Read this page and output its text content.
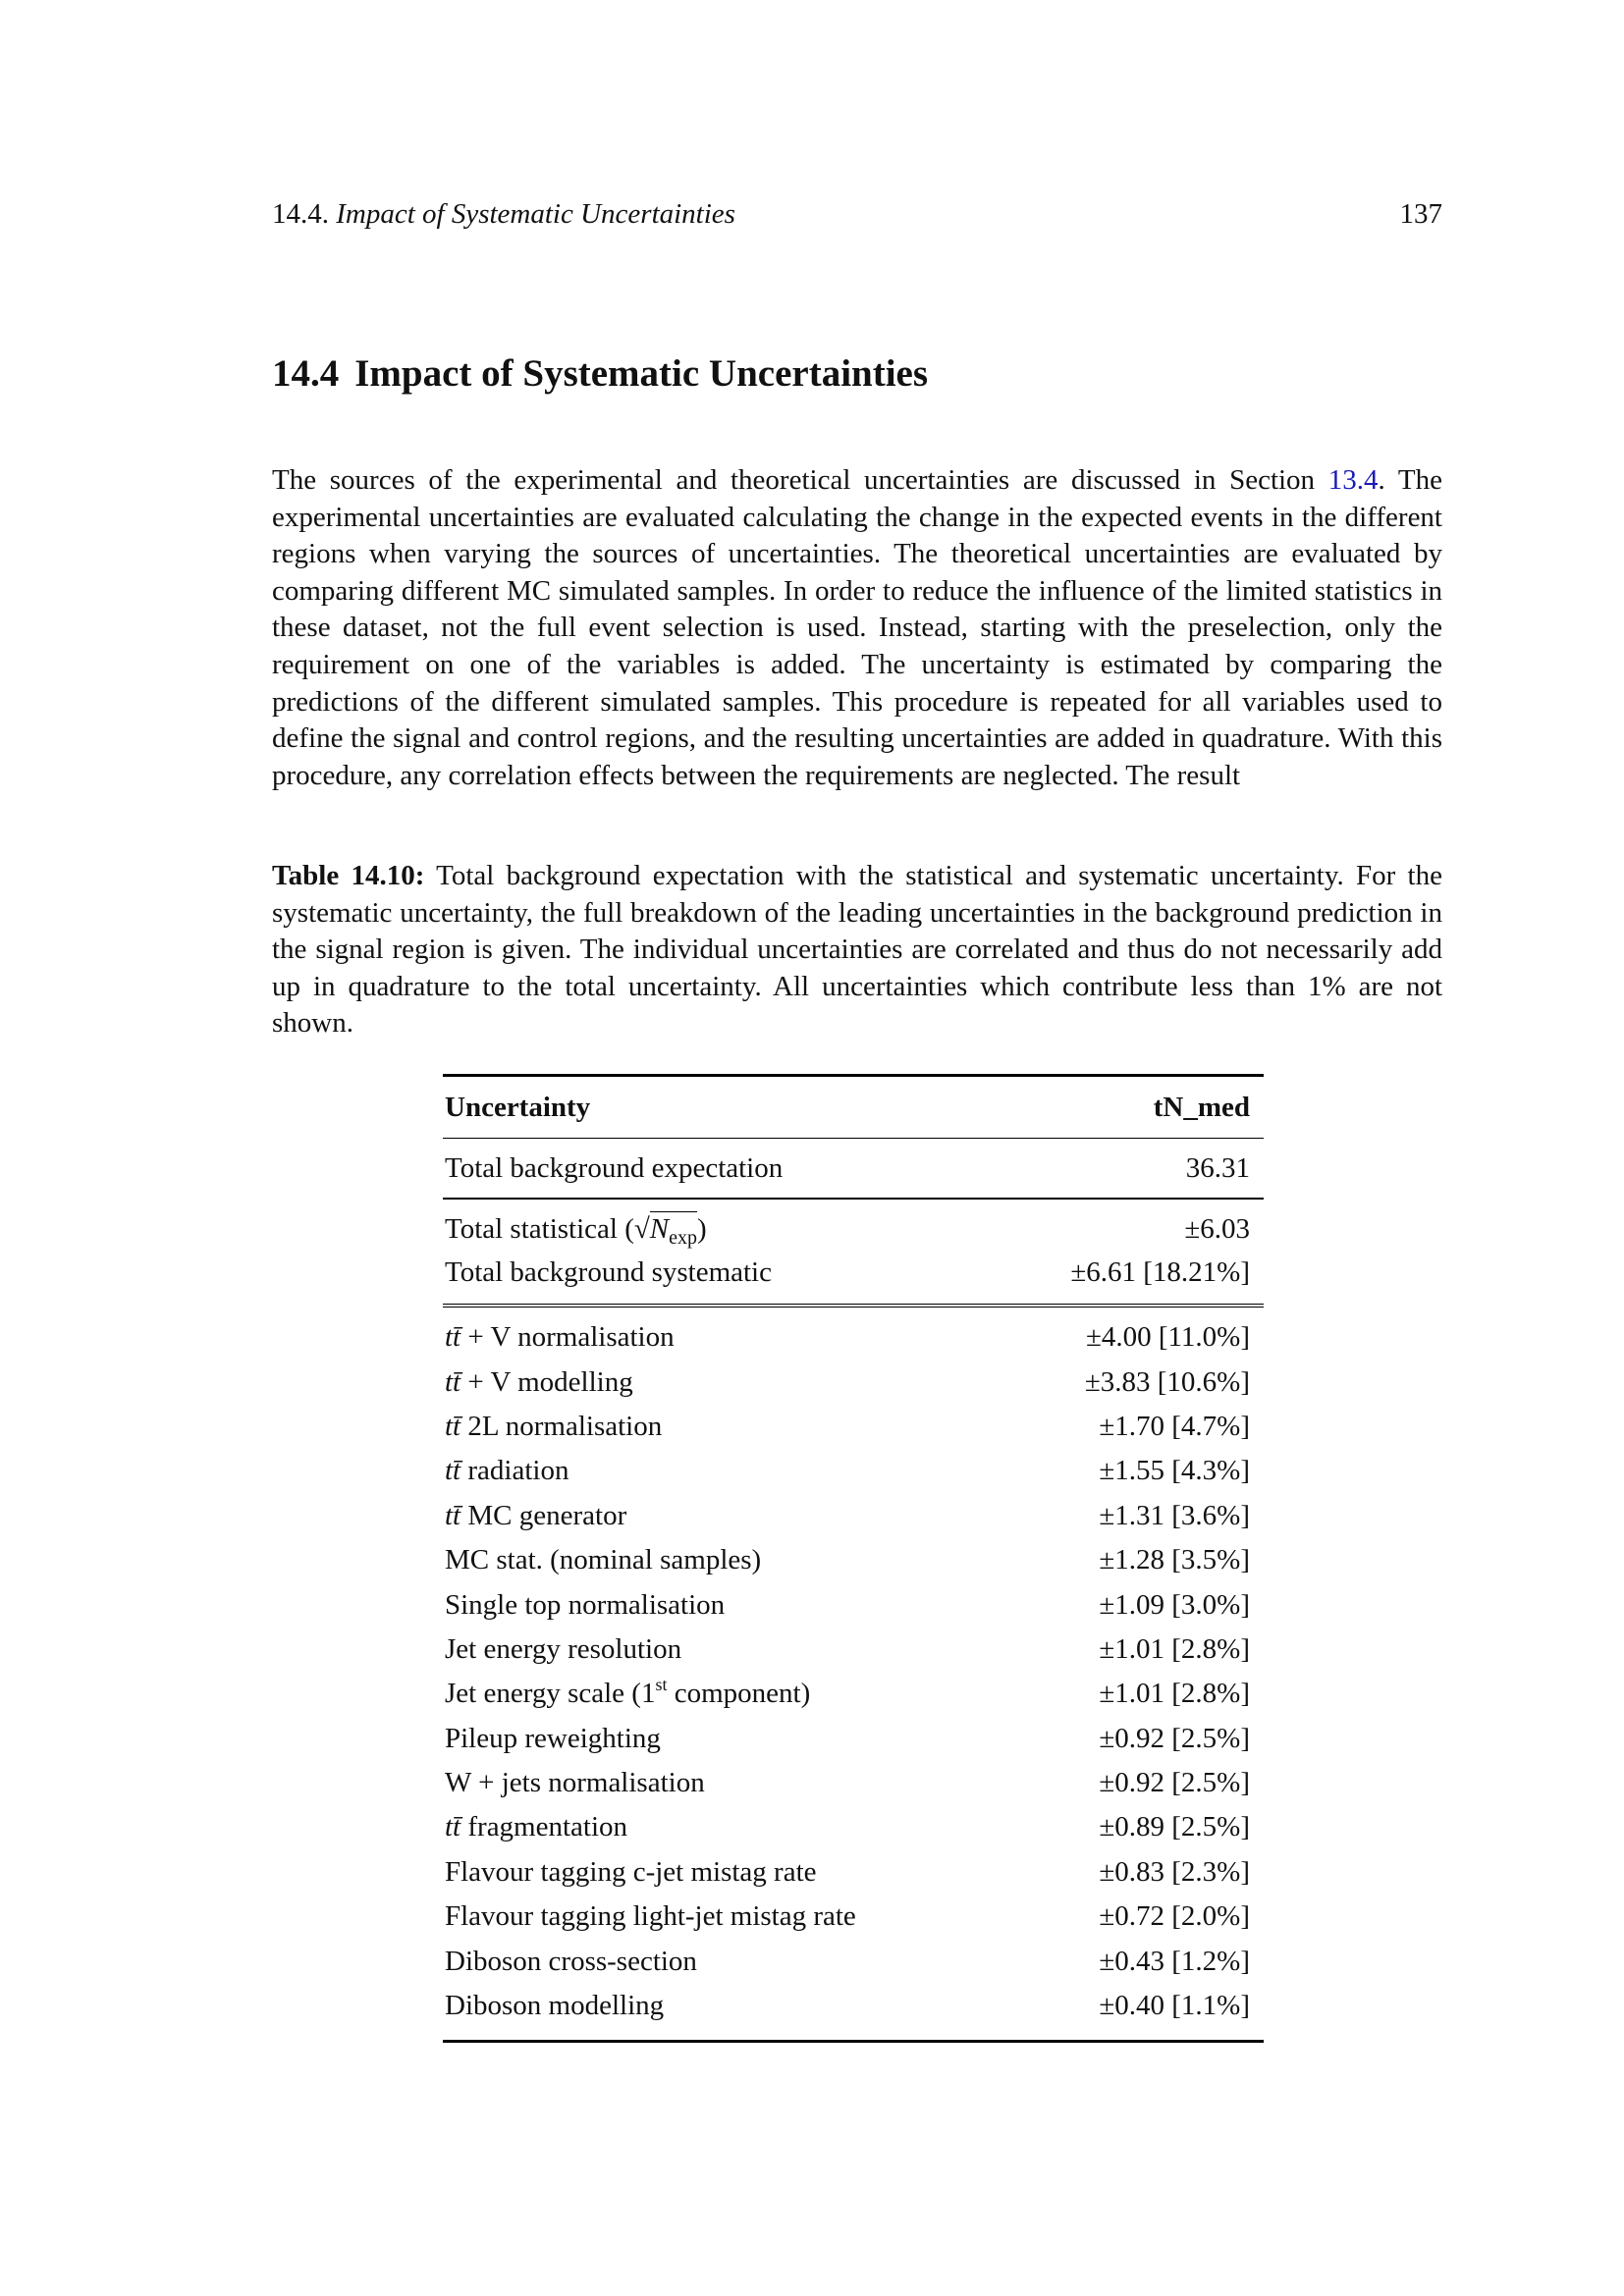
14.4. Impact of Systematic Uncertainties	137
14.4 Impact of Systematic Uncertainties

The sources of the experimental and theoretical uncertainties are discussed in Section 13.4. The experimental uncertainties are evaluated calculating the change in the expected events in the different regions when varying the sources of uncertainties. The theoretical uncertainties are evaluated by comparing different MC simulated samples. In order to reduce the influence of the limited statistics in these dataset, not the full event selection is used. Instead, starting with the preselection, only the requirement on one of the variables is added. The uncertainty is estimated by comparing the predictions of the different simulated samples. This procedure is repeated for all variables used to define the signal and control regions, and the resulting uncertainties are added in quadrature. With this procedure, any correlation effects between the requirements are neglected. The result

Table 14.10: Total background expectation with the statistical and systematic uncertainty. For the systematic uncertainty, the full breakdown of the leading uncertainties in the background prediction in the signal region is given. The individual uncertainties are correlated and thus do not necessarily add up in quadrature to the total uncertainty. All uncertainties which contribute less than 1% are not shown.

Uncertainty	tN_med
Total background expectation	36.31
Total statistical $(√N_{exp})$	±6.03
Total background systematic	±6.61 [18.21%]
tt̄ + V normalisation	±4.00 [11.0%]
tt̄ + V modelling	±3.83 [10.6%]
tt̄ 2L normalisation	±1.70 [4.7%]
tt̄ radiation	±1.55 [4.3%]
tt̄ MC generator	±1.31 [3.6%]
MC stat. (nominal samples)	±1.28 [3.5%]
Single top normalisation	±1.09 [3.0%]
Jet energy resolution	±1.01 [2.8%]
Jet energy scale (1st component)	±1.01 [2.8%]
Pileup reweighting	±0.92 [2.5%]
W + jets normalisation	±0.92 [2.5%]
tt̄ fragmentation	±0.89 [2.5%]
Flavour tagging c-jet mistag rate	±0.83 [2.3%]
Flavour tagging light-jet mistag rate	±0.72 [2.0%]
Diboson cross-section	±0.43 [1.2%]
Diboson modelling	±0.40 [1.1%]
